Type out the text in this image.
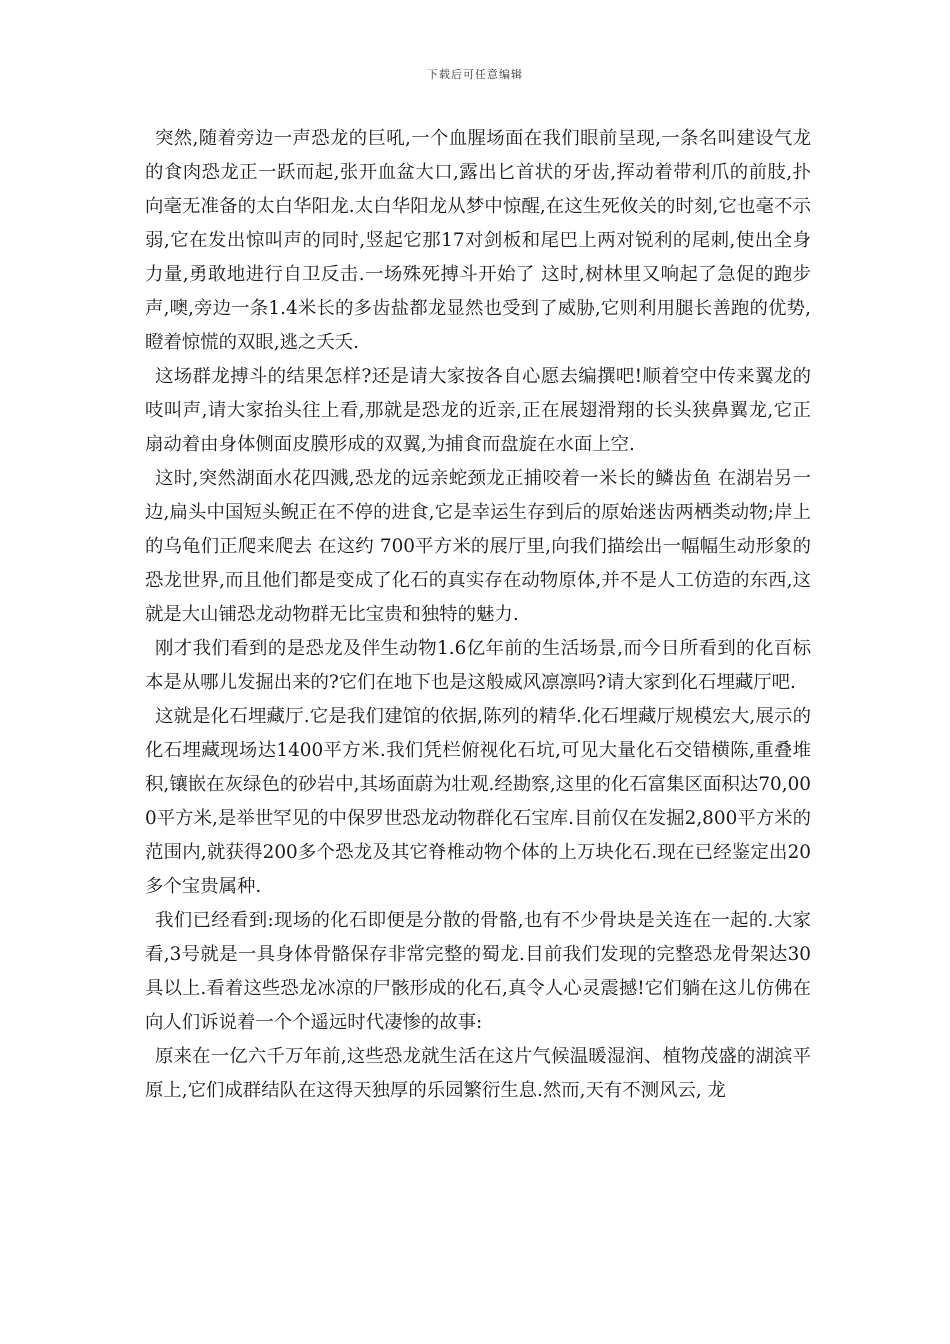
下载后可任意编辑

突然,随着旁边一声恐龙的巨吼,一个血腥场面在我们眼前呈现,一条名叫建设气龙的食肉恐龙正一跃而起,张开血盆大口,露出匕首状的牙齿,挥动着带利爪的前肢,扑向毫无准备的太白华阳龙.太白华阳龙从梦中惊醒,在这生死攸关的时刻,它也毫不示弱,它在发出惊叫声的同时,竖起它那17对剑板和尾巴上两对锐利的尾刺,使出全身力量,勇敢地进行自卫反击.一场殊死搏斗开始了 这时,树林里又响起了急促的跑步声,噢,旁边一条1.4米长的多齿盐都龙显然也受到了威胁,它则利用腿长善跑的优势,瞪着惊慌的双眼,逃之夭夭.

这场群龙搏斗的结果怎样?还是请大家按各自心愿去编撰吧!顺着空中传来翼龙的吱叫声,请大家抬头往上看,那就是恐龙的近亲,正在展翅滑翔的长头狭鼻翼龙,它正扇动着由身体侧面皮膜形成的双翼,为捕食而盘旋在水面上空.

这时,突然湖面水花四溅,恐龙的远亲蛇颈龙正捕咬着一米长的鳞齿鱼 在湖岩另一边,扁头中国短头鲵正在不停的进食,它是幸运生存到后的原始迷齿两栖类动物;岸上的乌龟们正爬来爬去 在这约 700平方米的展厅里,向我们描绘出一幅幅生动形象的恐龙世界,而且他们都是变成了化石的真实存在动物原体,并不是人工仿造的东西,这就是大山铺恐龙动物群无比宝贵和独特的魅力.

刚才我们看到的是恐龙及伴生动物1.6亿年前的生活场景,而今日所看到的化百标本是从哪儿发掘出来的?它们在地下也是这般威风凛凛吗?请大家到化石埋藏厅吧.

这就是化石埋藏厅.它是我们建馆的依据,陈列的精华.化石埋藏厅规模宏大,展示的化石埋藏现场达1400平方米.我们凭栏俯视化石坑,可见大量化石交错横陈,重叠堆积,镶嵌在灰绿色的砂岩中,其场面蔚为壮观.经勘察,这里的化石富集区面积达70,000平方米,是举世罕见的中保罗世恐龙动物群化石宝库.目前仅在发掘2,800平方米的范围内,就获得200多个恐龙及其它脊椎动物个体的上万块化石.现在已经鉴定出20多个宝贵属种.

我们已经看到:现场的化石即便是分散的骨骼,也有不少骨块是关连在一起的.大家看,3号就是一具身体骨骼保存非常完整的蜀龙.目前我们发现的完整恐龙骨架达30具以上.看着这些恐龙冰凉的尸骸形成的化石,真令人心灵震撼!它们躺在这儿仿佛在向人们诉说着一个个遥远时代凄惨的故事:

原来在一亿六千万年前,这些恐龙就生活在这片气候温暖湿润、植物茂盛的湖滨平原上,它们成群结队在这得天独厚的乐园繁衍生息.然而,天有不测风云, 龙
